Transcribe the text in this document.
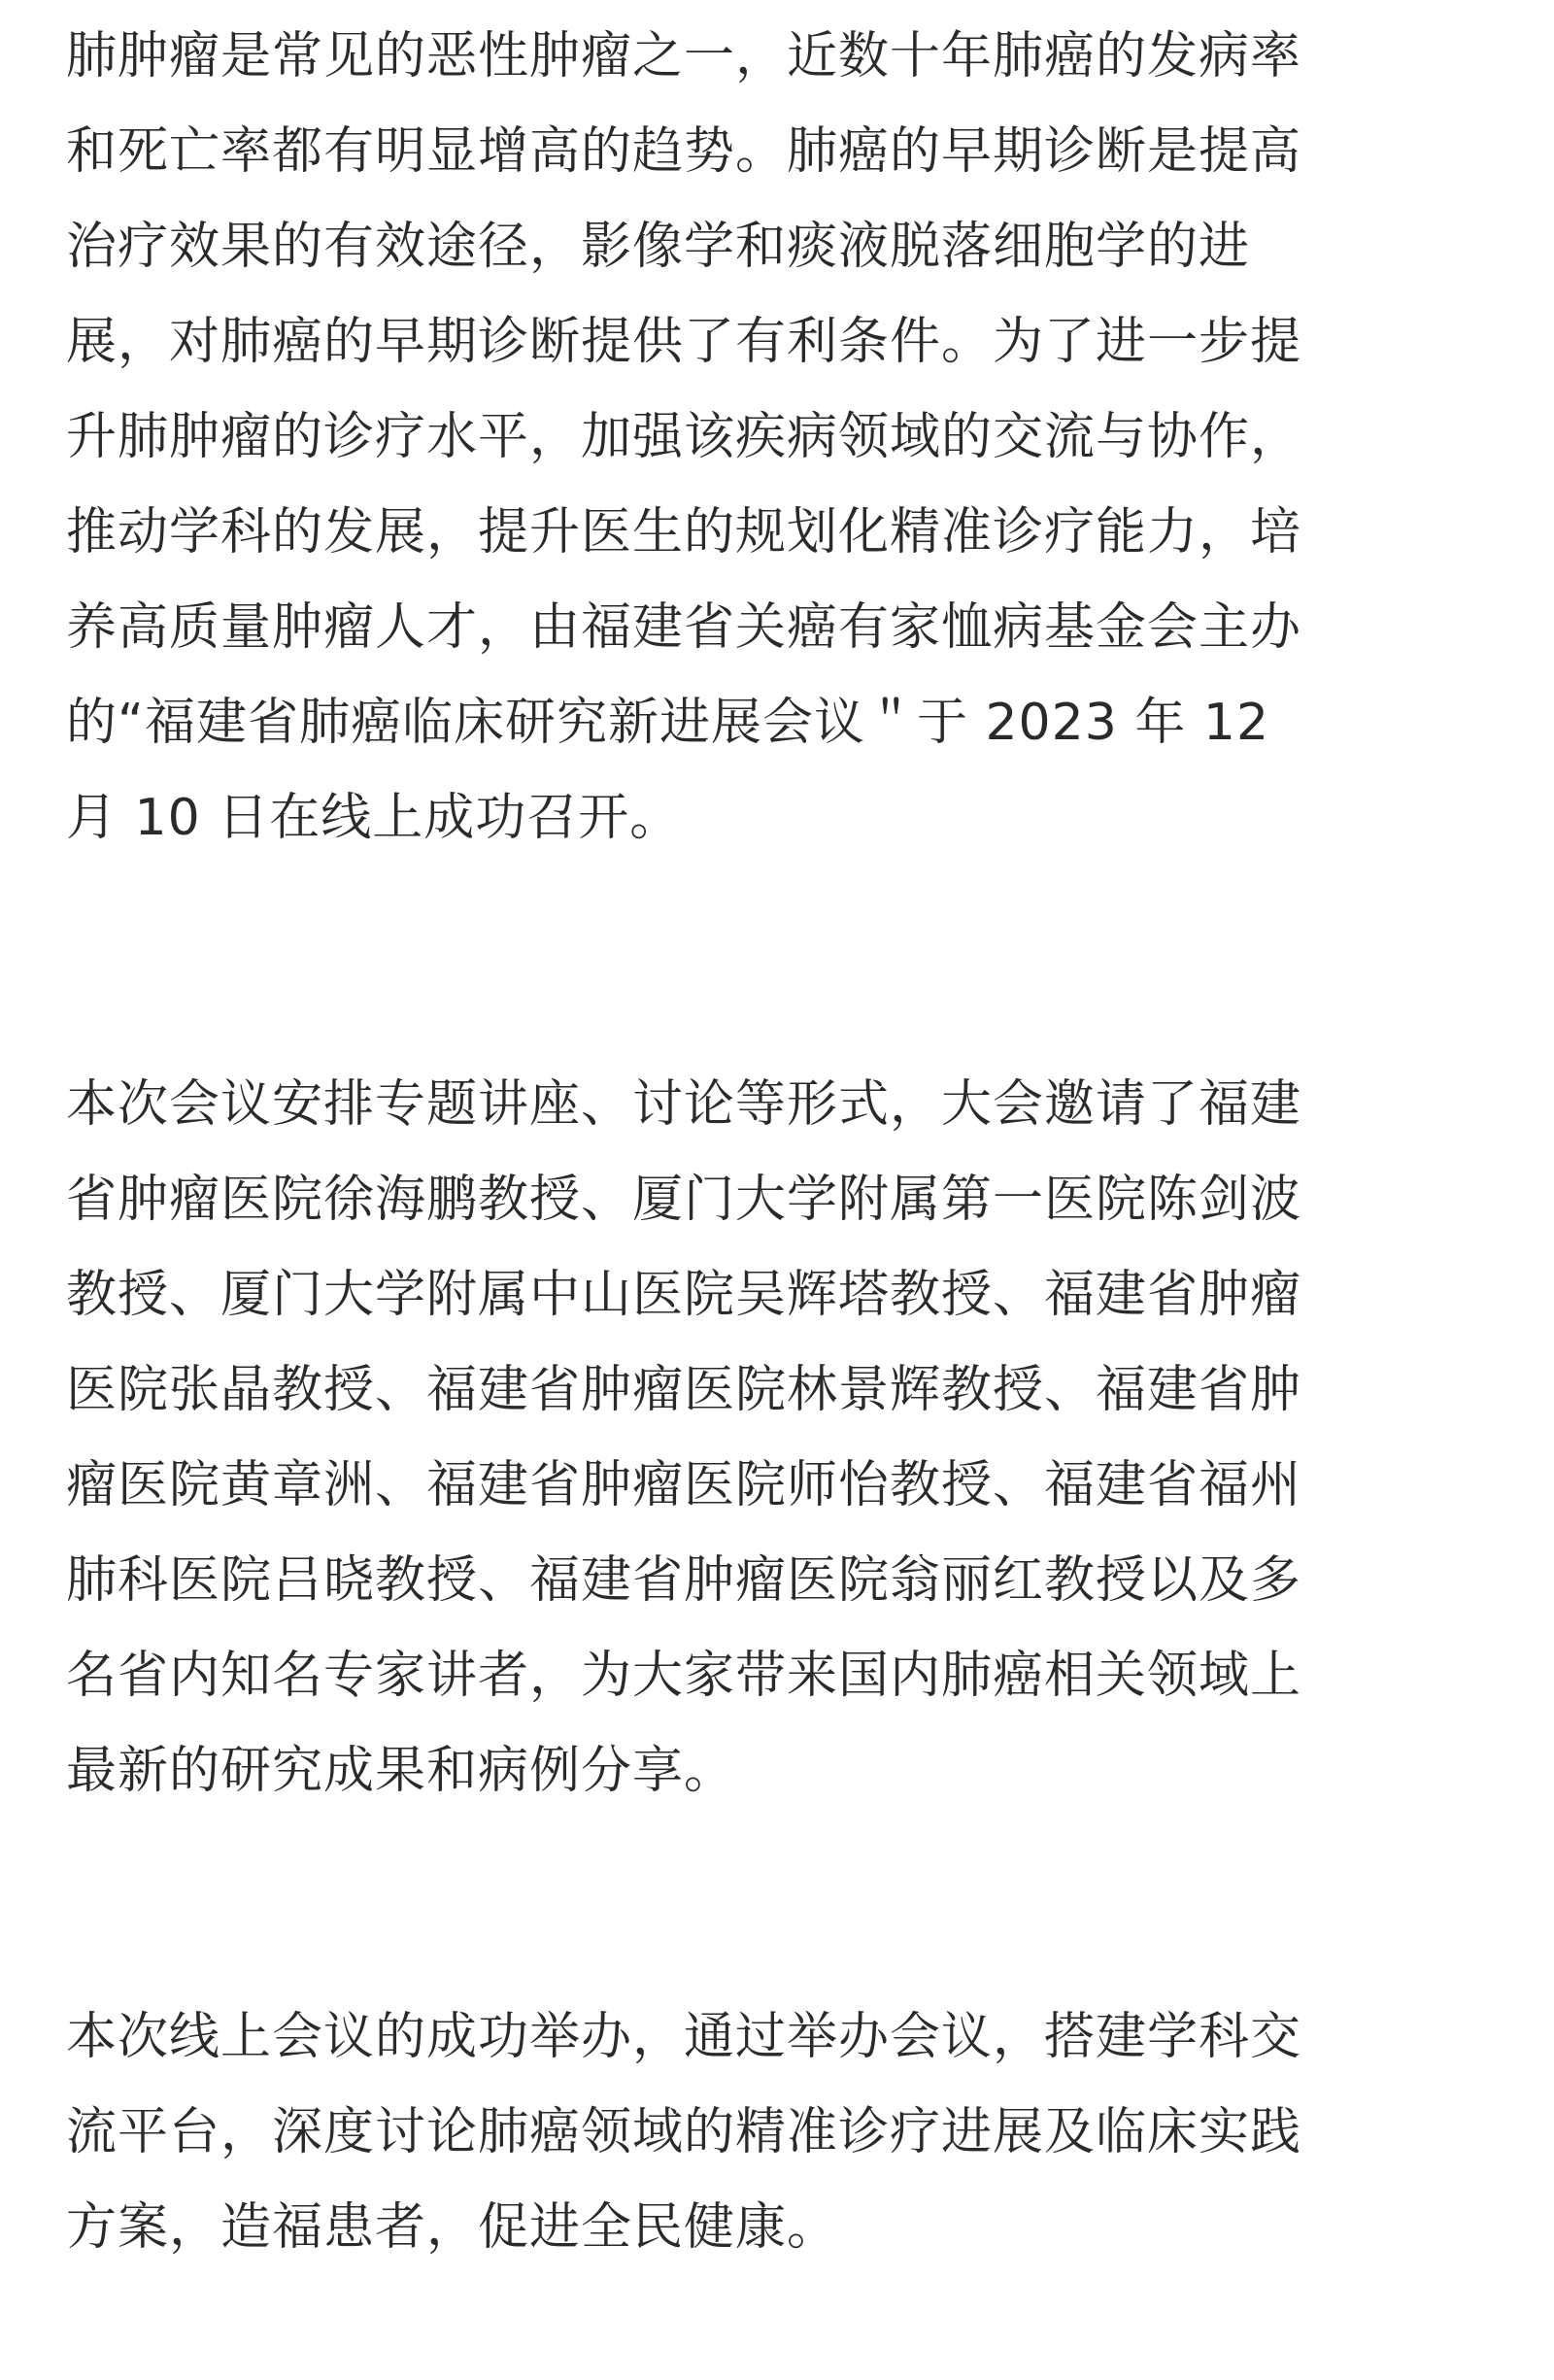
肺肿瘤是常见的恶性肿瘤之一，近数十年肺癌的发病率
和死亡率都有明显增高的趋势。肺癌的早期诊断是提高
治疗效果的有效途径，影像学和痰液脱落细胞学的进
展，对肺癌的早期诊断提供了有利条件。为了进一步提
升肺肿瘤的诊疗水平，加强该疾病领域的交流与协作，
推动学科的发展，提升医生的规划化精准诊疗能力，培
养高质量肿瘤人才，由福建省关癌有家恤病基金会主办
的“福建省肺癌临床研究新进展会议＂于 2023 年 12
月 10 日在线上成功召开。

本次会议安排专题讲座、讨论等形式，大会邀请了福建
省肿瘤医院徐海鹏教授、厦门大学附属第一医院陈剑波
教授、厦门大学附属中山医院吴辉塔教授、福建省肿瘤
医院张晶教授、福建省肿瘤医院林景辉教授、福建省肿
瘤医院黄章洲、福建省肿瘤医院师怡教授、福建省福州
肺科医院吕晓教授、福建省肿瘤医院翁丽红教授以及多
名省内知名专家讲者，为大家带来国内肺癌相关领域上
最新的研究成果和病例分享。

本次线上会议的成功举办，通过举办会议，搭建学科交
流平台，深度讨论肺癌领域的精准诊疗进展及临床实践
方案，造福患者，促进全民健康。
